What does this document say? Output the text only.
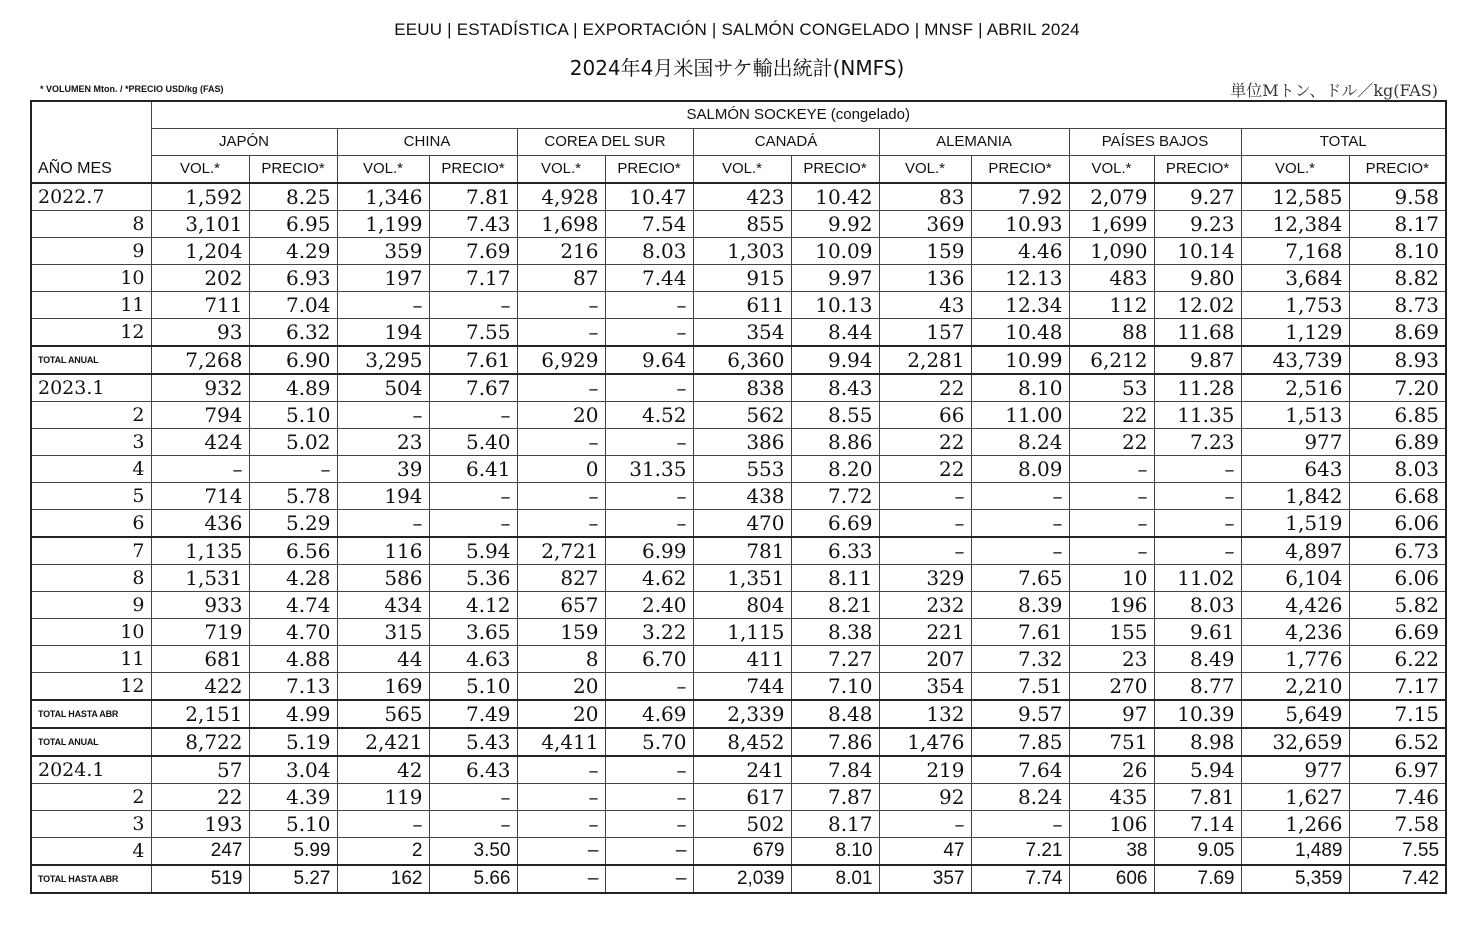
EEUU | ESTADÍSTICA | EXPORTACIÓN | SALMÓN CONGELADO | MNSF | ABRIL 2024
2024年4月米国サケ輸出統計(NMFS)
* VOLUMEN Mton. / *PRECIO USD/kg (FAS)	単位Mトン、ドル／kg(FAS)
AÑO MES	SALMÓN SOCKEYE (congelado)													
	JAPÓN		CHINA		COREA DEL SUR		CANADÁ		ALEMANIA		PAÍSES BAJOS		TOTAL	
	VOL.*	PRECIO*	VOL.*	PRECIO*	VOL.*	PRECIO*	VOL.*	PRECIO*	VOL.*	PRECIO*	VOL.*	PRECIO*	VOL.*	PRECIO*
2022.7	1,592	8.25	1,346	7.81	4,928	10.47	423	10.42	83	7.92	2,079	9.27	12,585	9.58
8	3,101	6.95	1,199	7.43	1,698	7.54	855	9.92	369	10.93	1,699	9.23	12,384	8.17
9	1,204	4.29	359	7.69	216	8.03	1,303	10.09	159	4.46	1,090	10.14	7,168	8.10
10	202	6.93	197	7.17	87	7.44	915	9.97	136	12.13	483	9.80	3,684	8.82
11	711	7.04	–	–	–	–	611	10.13	43	12.34	112	12.02	1,753	8.73
12	93	6.32	194	7.55	–	–	354	8.44	157	10.48	88	11.68	1,129	8.69
TOTAL ANUAL	7,268	6.90	3,295	7.61	6,929	9.64	6,360	9.94	2,281	10.99	6,212	9.87	43,739	8.93
2023.1	932	4.89	504	7.67	–	–	838	8.43	22	8.10	53	11.28	2,516	7.20
2	794	5.10	–	–	20	4.52	562	8.55	66	11.00	22	11.35	1,513	6.85
3	424	5.02	23	5.40	–	–	386	8.86	22	8.24	22	7.23	977	6.89
4	–	–	39	6.41	0	31.35	553	8.20	22	8.09	–	–	643	8.03
5	714	5.78	194	–	–	–	438	7.72	–	–	–	–	1,842	6.68
6	436	5.29	–	–	–	–	470	6.69	–	–	–	–	1,519	6.06
7	1,135	6.56	116	5.94	2,721	6.99	781	6.33	–	–	–	–	4,897	6.73
8	1,531	4.28	586	5.36	827	4.62	1,351	8.11	329	7.65	10	11.02	6,104	6.06
9	933	4.74	434	4.12	657	2.40	804	8.21	232	8.39	196	8.03	4,426	5.82
10	719	4.70	315	3.65	159	3.22	1,115	8.38	221	7.61	155	9.61	4,236	6.69
11	681	4.88	44	4.63	8	6.70	411	7.27	207	7.32	23	8.49	1,776	6.22
12	422	7.13	169	5.10	20	–	744	7.10	354	7.51	270	8.77	2,210	7.17
TOTAL HASTA ABR	2,151	4.99	565	7.49	20	4.69	2,339	8.48	132	9.57	97	10.39	5,649	7.15
TOTAL ANUAL	8,722	5.19	2,421	5.43	4,411	5.70	8,452	7.86	1,476	7.85	751	8.98	32,659	6.52
2024.1	57	3.04	42	6.43	–	–	241	7.84	219	7.64	26	5.94	977	6.97
2	22	4.39	119	–	–	–	617	7.87	92	8.24	435	7.81	1,627	7.46
3	193	5.10	–	–	–	–	502	8.17	–	–	106	7.14	1,266	7.58
4	247	5.99	2	3.50	–	–	679	8.10	47	7.21	38	9.05	1,489	7.55
TOTAL HASTA ABR	519	5.27	162	5.66	–	–	2,039	8.01	357	7.74	606	7.69	5,359	7.42
